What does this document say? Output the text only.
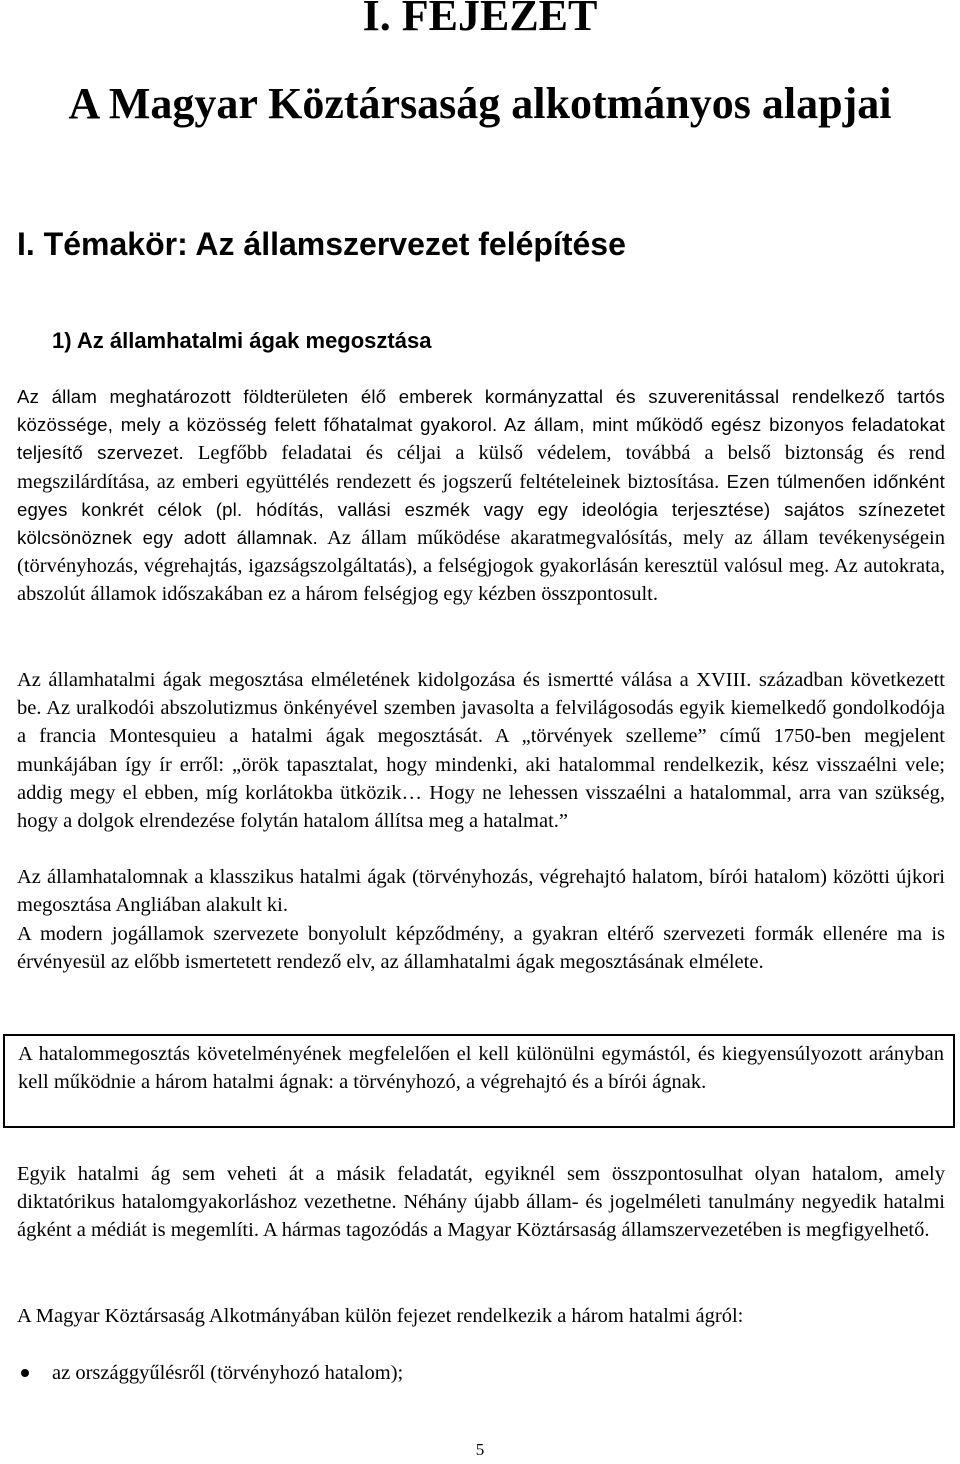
I. FEJEZET
A Magyar Köztársaság alkotmányos alapjai
I. Témakör: Az államszervezet felépítése
1) Az államhatalmi ágak megosztása

Az állam meghatározott földterületen élő emberek kormányzattal és szuverenitással rendelkező tartós közössége, mely a közösség felett főhatalmat gyakorol. Az állam, mint működő egész bizonyos feladatokat teljesítő szervezet. Legfőbb feladatai és céljai a külső védelem, továbbá a belső biztonság és rend megszilárdítása, az emberi együttélés rendezett és jogszerű feltételeinek biztosítása. Ezen túlmenően időnként egyes konkrét célok (pl. hódítás, vallási eszmék vagy egy ideológia terjesztése) sajátos színezetet kölcsönöznek egy adott államnak. Az állam működése akaratmegvalósítás, mely az állam tevékenységein (törvényhozás, végrehajtás, igazságszolgáltatás), a felségjogok gyakorlásán keresztül valósul meg. Az autokrata, abszolút államok időszakában ez a három felségjog egy kézben összpontosult.

Az államhatalmi ágak megosztása elméletének kidolgozása és ismertté válása a XVIII. században következett be. Az uralkodói abszolutizmus önkényével szemben javasolta a felvilágosodás egyik kiemelkedő gondolkodója a francia Montesquieu a hatalmi ágak megosztását. A „törvények szelleme” című 1750-ben megjelent munkájában így ír erről: „örök tapasztalat, hogy mindenki, aki hatalommal rendelkezik, kész visszaélni vele; addig megy el ebben, míg korlátokba ütközik… Hogy ne lehessen visszaélni a hatalommal, arra van szükség, hogy a dolgok elrendezése folytán hatalom állítsa meg a hatalmat.”

Az államhatalomnak a klasszikus hatalmi ágak (törvényhozás, végrehajtó halatom, bírói hatalom) közötti újkori megosztása Angliában alakult ki.

A modern jogállamok szervezete bonyolult képződmény, a gyakran eltérő szervezeti formák ellenére ma is érvényesül az előbb ismertetett rendező elv, az államhatalmi ágak megosztásának elmélete.

A hatalommegosztás követelményének megfelelően el kell különülni egymástól, és kiegyensúlyozott arányban kell működnie a három hatalmi ágnak: a törvényhozó, a végrehajtó és a bírói ágnak.

Egyik hatalmi ág sem veheti át a másik feladatát, egyiknél sem összpontosulhat olyan hatalom, amely diktatórikus hatalomgyakorláshoz vezethetne. Néhány újabb állam- és jogelméleti tanulmány negyedik hatalmi ágként a médiát is megemlíti. A hármas tagozódás a Magyar Köztársaság államszervezetében is megfigyelhető.

A Magyar Köztársaság Alkotmányában külön fejezet rendelkezik a három hatalmi ágról:

az országgyűlésről (törvényhozó hatalom);
5
